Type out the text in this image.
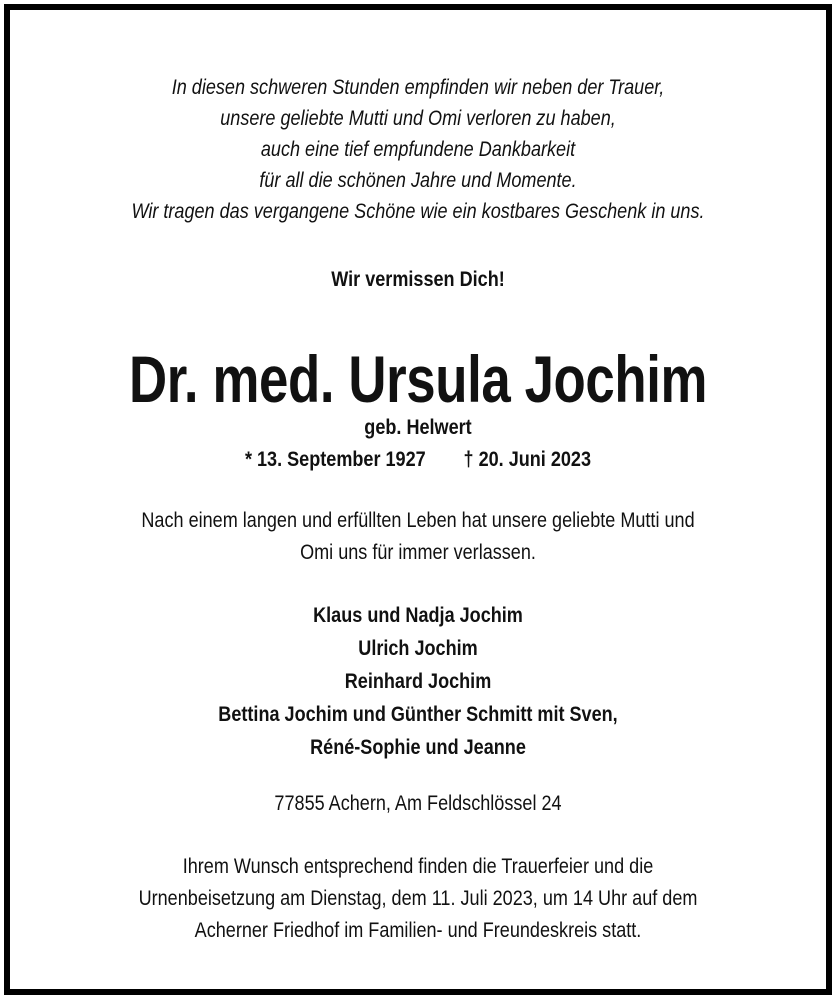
In diesen schweren Stunden empfinden wir neben der Trauer,
unsere geliebte Mutti und Omi verloren zu haben,
auch eine tief empfundene Dankbarkeit
für all die schönen Jahre und Momente.
Wir tragen das vergangene Schöne wie ein kostbares Geschenk in uns.
Wir vermissen Dich!
Dr. med. Ursula Jochim
geb. Helwert
* 13. September 1927 † 20. Juni 2023
Nach einem langen und erfüllten Leben hat unsere geliebte Mutti und
Omi uns für immer verlassen.
Klaus und Nadja Jochim
Ulrich Jochim
Reinhard Jochim
Bettina Jochim und Günther Schmitt mit Sven,
Réné-Sophie und Jeanne
77855 Achern, Am Feldschlössel 24
Ihrem Wunsch entsprechend finden die Trauerfeier und die
Urnenbeisetzung am Dienstag, dem 11. Juli 2023, um 14 Uhr auf dem
Acherner Friedhof im Familien- und Freundeskreis statt.
